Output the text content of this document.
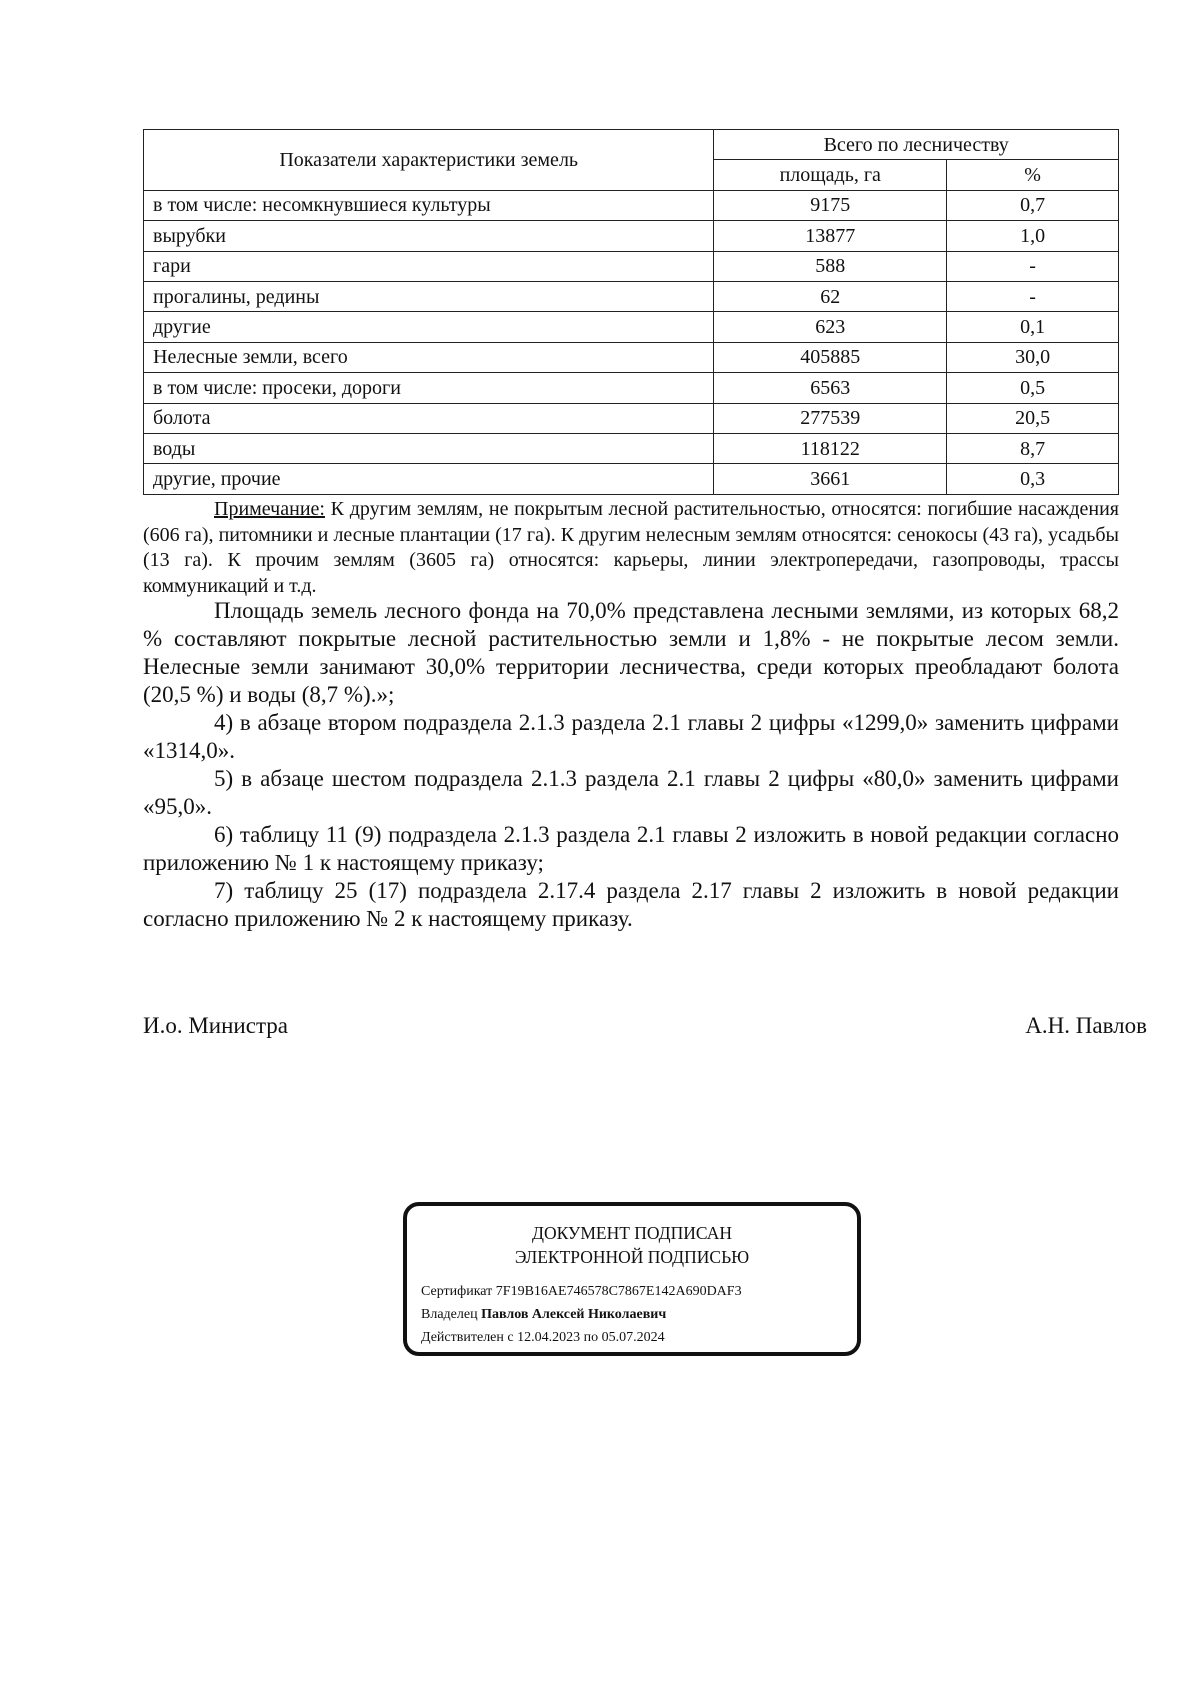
Показатели характеристики земель	Всего по лесничеству	
	площадь, га	%
в том числе: несомкнувшиеся культуры	9175	0,7
вырубки	13877	1,0
гари	588	-
прогалины, редины	62	-
другие	623	0,1
Нелесные земли, всего	405885	30,0
в том числе: просеки, дороги	6563	0,5
болота	277539	20,5
воды	118122	8,7
другие, прочие	3661	0,3
Примечание: К другим землям, не покрытым лесной растительностью, относятся: погибшие насаждения (606 га), питомники и лесные плантации (17 га). К другим нелесным землям относятся: сенокосы (43 га), усадьбы (13 га). К прочим землям (3605 га) относятся: карьеры, линии электропередачи, газопроводы, трассы коммуникаций и т.д.

Площадь земель лесного фонда на 70,0% представлена лесными землями, из которых 68,2 % составляют покрытые лесной растительностью земли и 1,8% - не покрытые лесом земли. Нелесные земли занимают 30,0% территории лесничества, среди которых преобладают болота (20,5 %) и воды (8,7 %).»;

4) в абзаце втором подраздела 2.1.3 раздела 2.1 главы 2 цифры «1299,0» заменить цифрами «1314,0».

5) в абзаце шестом подраздела 2.1.3 раздела 2.1 главы 2 цифры «80,0» заменить цифрами «95,0».

6) таблицу 11 (9) подраздела 2.1.3 раздела 2.1 главы 2 изложить в новой редакции согласно приложению № 1 к настоящему приказу;

7) таблицу 25 (17) подраздела 2.17.4 раздела 2.17 главы 2 изложить в новой редакции согласно приложению № 2 к настоящему приказу.

И.о. Министра	А.Н. Павлов
ДОКУМЕНТ ПОДПИСАН
ЭЛЕКТРОННОЙ ПОДПИСЬЮ
Сертификат 7F19B16AE746578C7867E142A690DAF3
Владелец Павлов Алексей Николаевич
Действителен с 12.04.2023 по 05.07.2024
